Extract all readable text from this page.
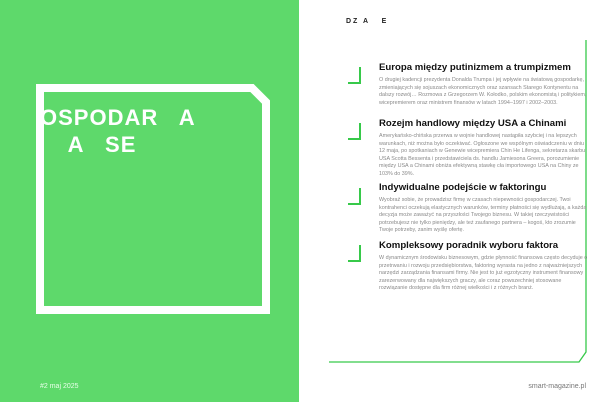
OSPODAR   A
A   SE
#2 maj 2025
DZ A   E
Europa między putinizmem a trumpizmem

O drugiej kadencji prezydenta Donalda Trumpa i jej wpływie na światową gospodarkę, zmieniających się sojuszach ekonomicznych oraz szansach Starego Kontynentu na dalszy rozwój… Rozmowa z Grzegorzem W. Kołodko, polskim ekonomistą i politykiem, wicepremierem oraz ministrem finansów w latach 1994–1997 i 2002–2003.

Rozejm handlowy między USA a Chinami

Amerykańsko-chińska przerwa w wojnie handlowej nastąpiła szybciej i na lepszych warunkach, niż można było oczekiwać. Ogłoszone we wspólnym oświadczeniu w dniu 12 maja, po spotkaniach w Genewie wicepremiera Chin He Lifenga, sekretarza skarbu USA Scotta Bessenta i przedstawiciela ds. handlu Jamiesona Greera, porozumienie między USA a Chinami obniża efektywną stawkę cła importowego USA na Chiny ze 103% do 39%.

Indywidualne podejście w faktoringu

Wyobraź sobie, że prowadzisz firmę w czasach niepewności gospodarczej. Twoi kontrahenci oczekują elastycznych warunków, terminy płatności się wydłużają, a każda decyzja może zaważyć na przyszłości Twojego biznesu. W takiej rzeczywistości potrzebujesz nie tylko pieniędzy, ale też zaufanego partnera – kogoś, kto zrozumie Twoje potrzeby, zanim wyślę ofertę.

Kompleksowy poradnik wyboru faktora

W dynamicznym środowisku biznesowym, gdzie płynność finansowa często decyduje o przetrwaniu i rozwoju przedsiębiorstwa, faktoring wyrasta na jedno z najważniejszych narzędzi zarządzania finansami firmy. Nie jest to już egzotyczny instrument finansowy zarezerwowany dla największych graczy, ale coraz powszechniej stosowane rozwiązanie dostępne dla firm różnej wielkości i z różnych branż.

smart-magazine.pl
